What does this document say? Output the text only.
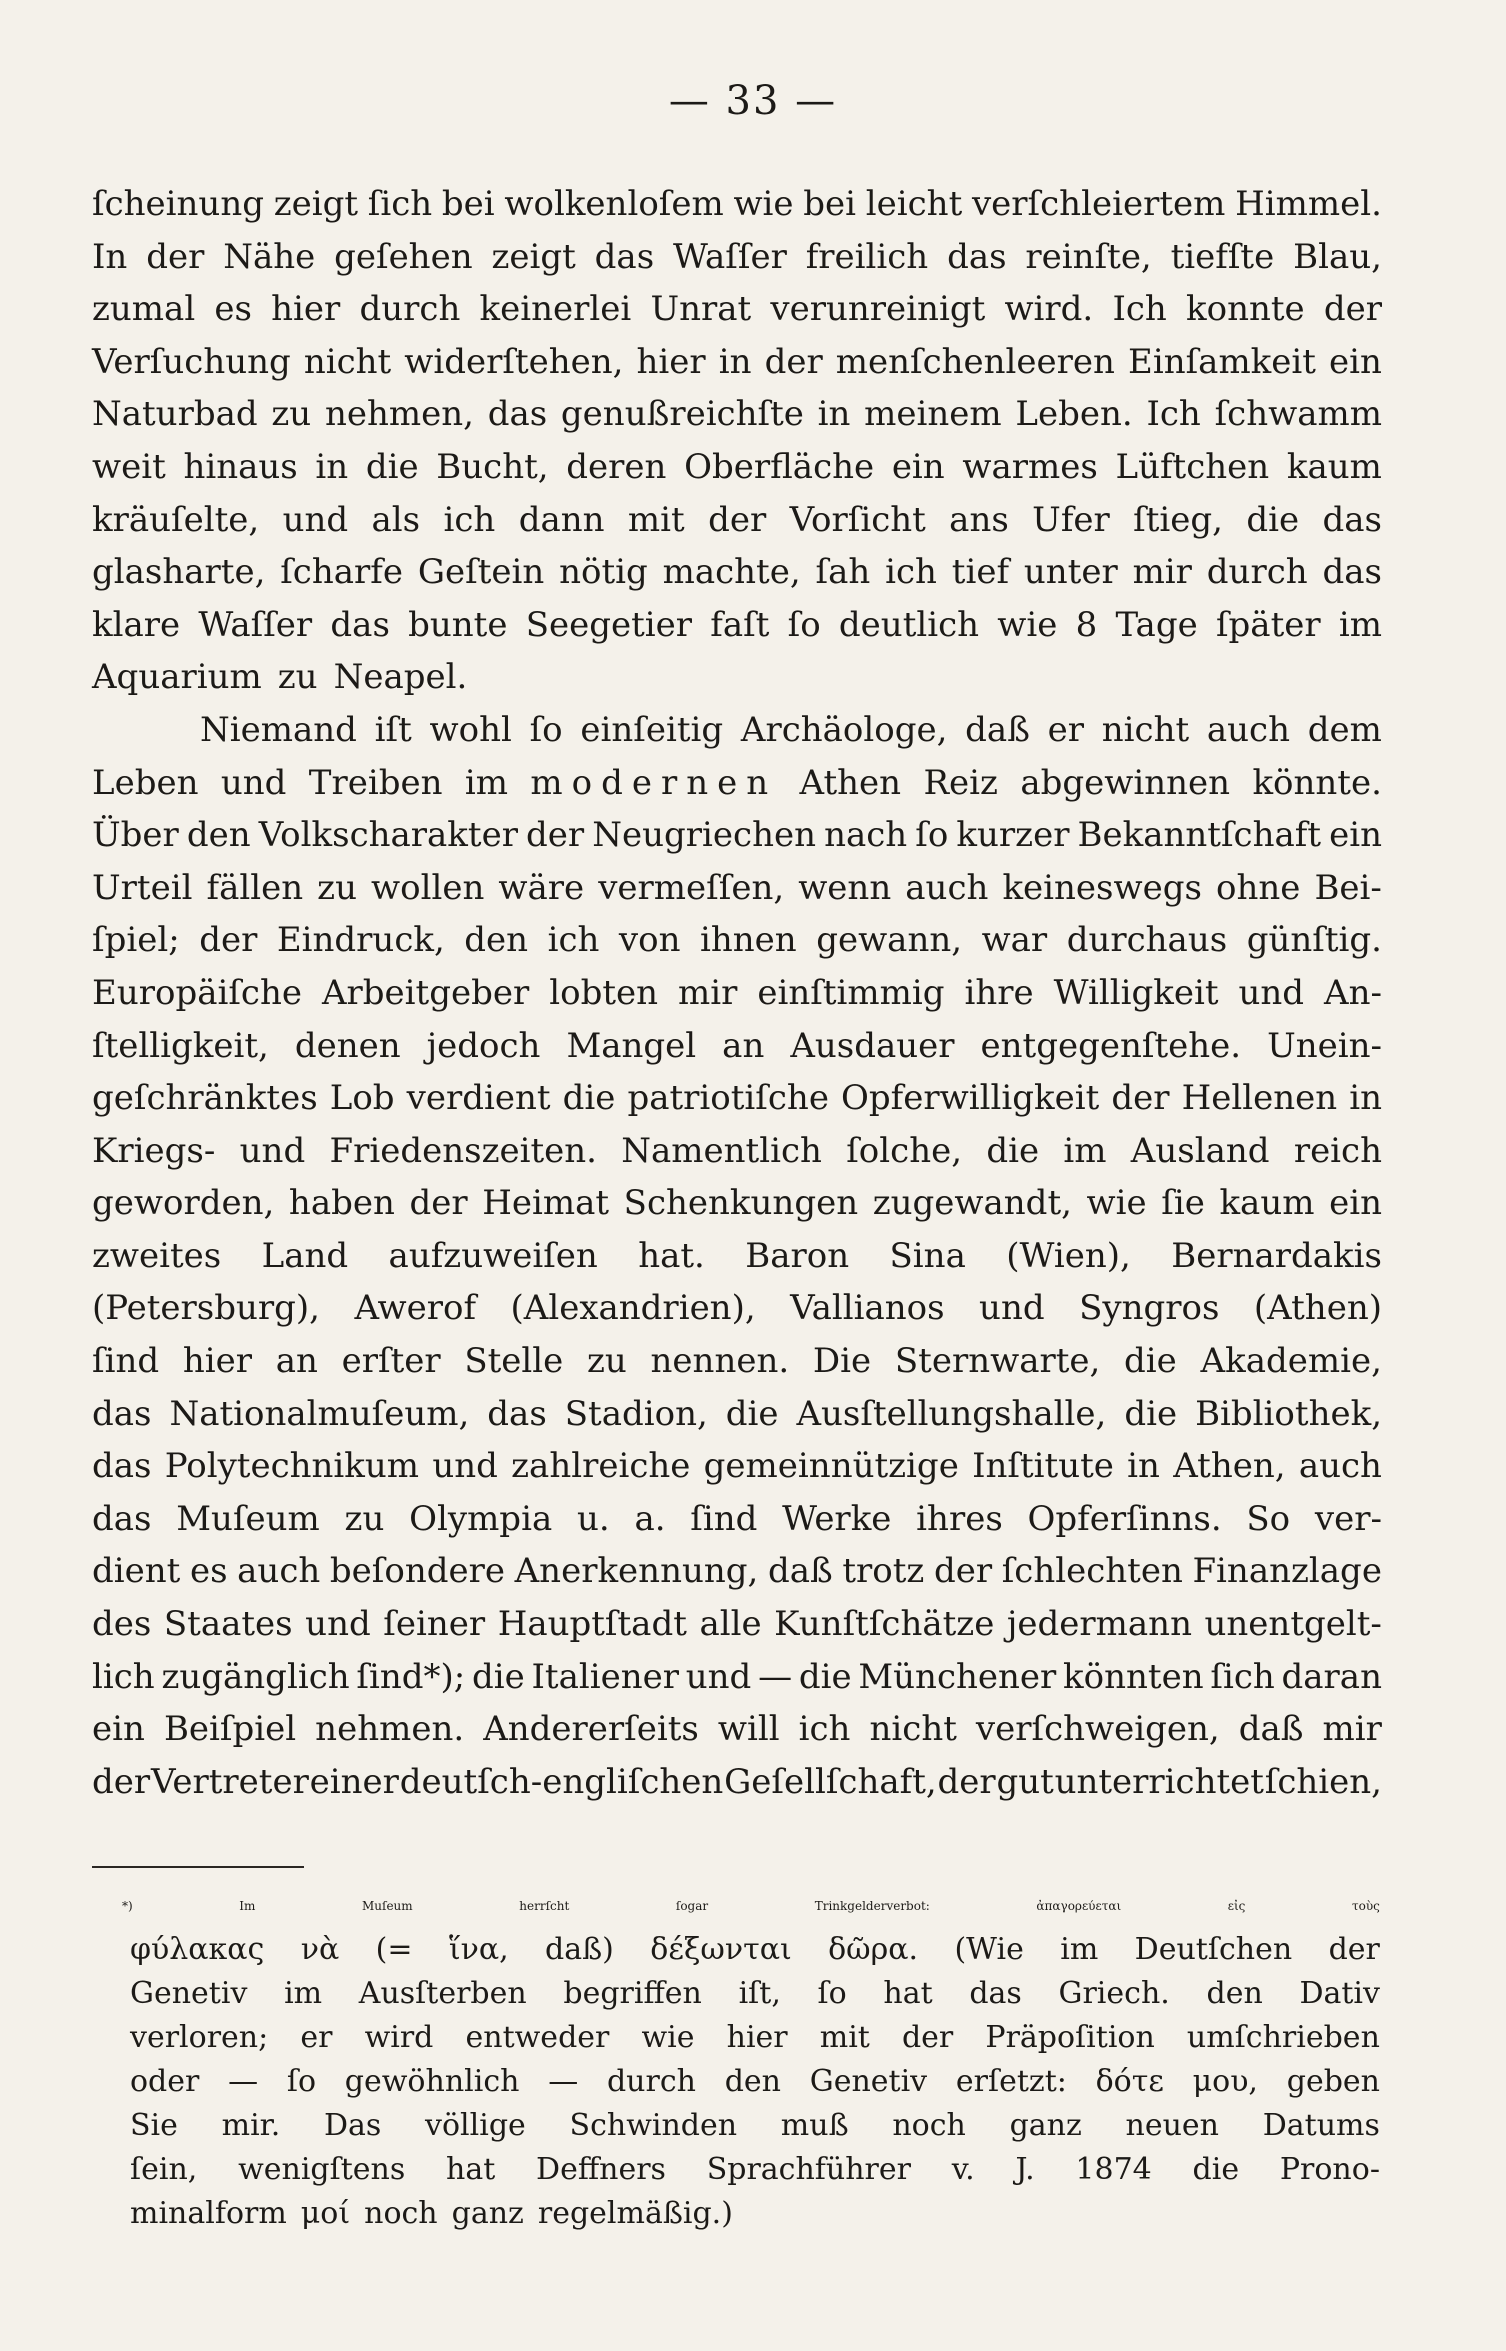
— 33 —
ſcheinung zeigt ſich bei wolkenloſem wie bei leicht verſchleiertem Himmel.
In der Nähe geſehen zeigt das Waſſer freilich das reinſte, tiefſte Blau,
zumal es hier durch keinerlei Unrat verunreinigt wird. Ich konnte der
Verſuchung nicht widerſtehen, hier in der menſchenleeren Einſamkeit ein
Naturbad zu nehmen, das genußreichſte in meinem Leben. Ich ſchwamm
weit hinaus in die Bucht, deren Oberfläche ein warmes Lüftchen kaum
kräuſelte, und als ich dann mit der Vorſicht ans Ufer ſtieg, die das
glasharte, ſcharfe Geſtein nötig machte, ſah ich tief unter mir durch das
klare Waſſer das bunte Seegetier faſt ſo deutlich wie 8 Tage ſpäter im
Aquarium zu Neapel.
Niemand iſt wohl ſo einſeitig Archäologe, daß er nicht auch dem
Leben und Treiben im modernen Athen Reiz abgewinnen könnte.
Über den Volkscharakter der Neugriechen nach ſo kurzer Bekanntſchaft ein
Urteil fällen zu wollen wäre vermeſſen, wenn auch keineswegs ohne Bei-
ſpiel; der Eindruck, den ich von ihnen gewann, war durchaus günſtig.
Europäiſche Arbeitgeber lobten mir einſtimmig ihre Willigkeit und An-
ſtelligkeit, denen jedoch Mangel an Ausdauer entgegenſtehe. Unein-
geſchränktes Lob verdient die patriotiſche Opferwilligkeit der Hellenen in
Kriegs- und Friedenszeiten. Namentlich ſolche, die im Ausland reich
geworden, haben der Heimat Schenkungen zugewandt, wie ſie kaum ein
zweites Land aufzuweiſen hat. Baron Sina (Wien), Bernardakis
(Petersburg), Awerof (Alexandrien), Vallianos und Syngros (Athen)
ſind hier an erſter Stelle zu nennen. Die Sternwarte, die Akademie,
das Nationalmuſeum, das Stadion, die Ausſtellungshalle, die Bibliothek,
das Polytechnikum und zahlreiche gemeinnützige Inſtitute in Athen, auch
das Muſeum zu Olympia u. a. ſind Werke ihres Opferſinns. So ver-
dient es auch beſondere Anerkennung, daß trotz der ſchlechten Finanzlage
des Staates und ſeiner Hauptſtadt alle Kunſtſchätze jedermann unentgelt-
lich zugänglich ſind*); die Italiener und — die Münchener könnten ſich daran
ein Beiſpiel nehmen. Andererſeits will ich nicht verſchweigen, daß mir
der Vertreter einer deutſch-engliſchen Geſellſchaft, der gut unterrichtet ſchien,
*)	Im	Muſeum	herrſcht	ſogar	Trinkgelderverbot:	ἀπαγορεύεται	εἰς	τοὺς
φύλακας νὰ (= ἵνα, daß) δέξωνται δῶρα. (Wie im Deutſchen der
Genetiv im Ausſterben begriffen iſt, ſo hat das Griech. den Dativ
verloren; er wird entweder wie hier mit der Präpoſition umſchrieben
oder — ſo gewöhnlich — durch den Genetiv erſetzt: δότε μου, geben
Sie mir. Das völlige Schwinden muß noch ganz neuen Datums
ſein, wenigſtens hat Deffners Sprachführer v. J. 1874 die Prono-
minalform μοί noch ganz regelmäßig.)
